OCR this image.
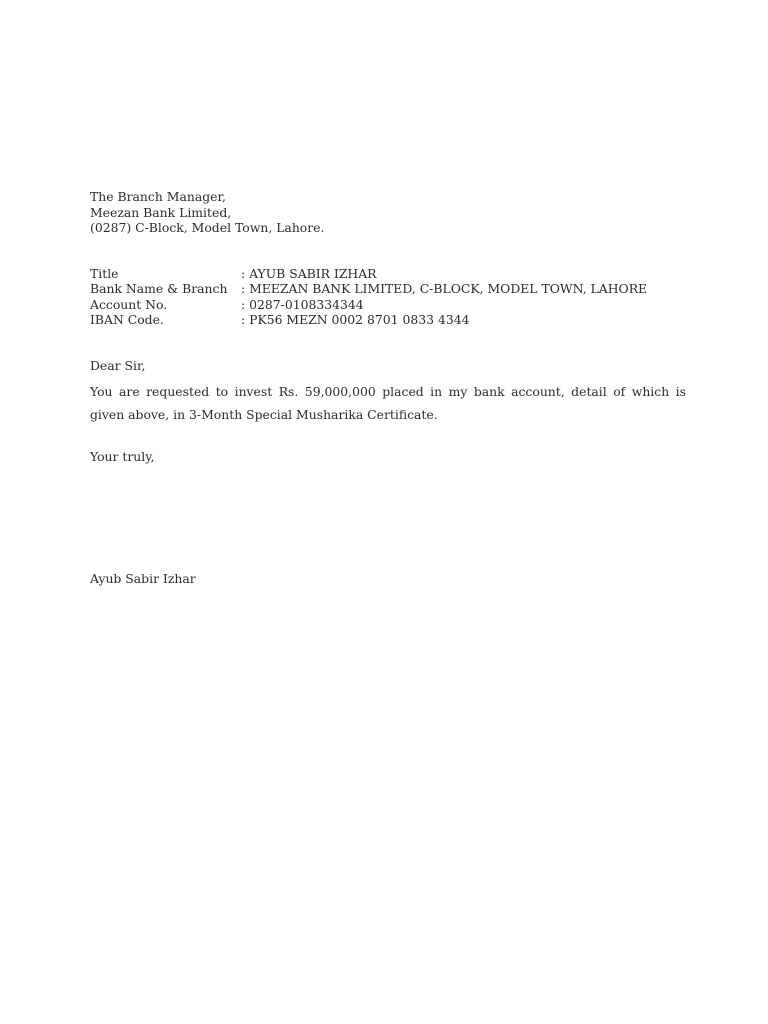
The Branch Manager,
Meezan Bank Limited,
(0287) C-Block, Model Town, Lahore.
Title	: AYUB SABIR IZHAR
Bank Name & Branch	: MEEZAN BANK LIMITED, C-BLOCK, MODEL TOWN, LAHORE
Account No.	: 0287-0108334344
IBAN Code.	: PK56 MEZN 0002 8701 0833 4344
Dear Sir,
You are requested to invest Rs. 59,000,000 placed in my bank account, detail of which is given above, in 3-Month Special Musharika Certificate.
Your truly,
Ayub Sabir Izhar
